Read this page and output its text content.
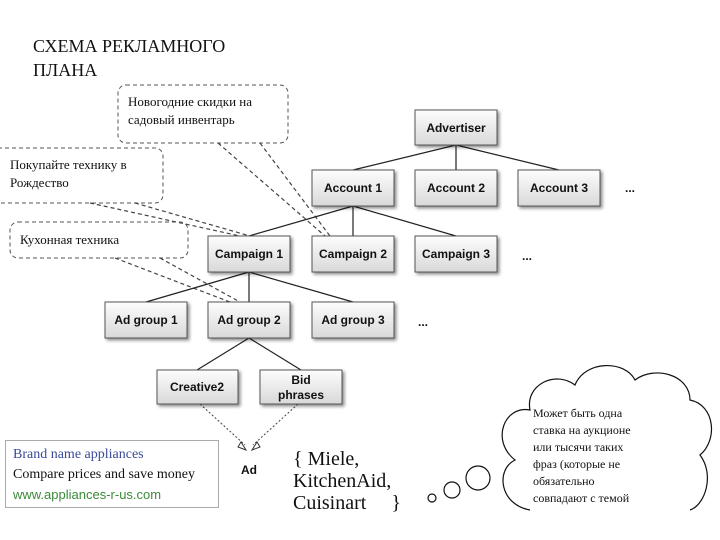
СХЕМА РЕКЛАМНОГО
ПЛАНА
Advertiser
Account 1	Account 2	Account 3	...
Campaign 1	Campaign 2	Campaign 3	...
Ad group 1	Ad group 2	Ad group 3	...
Creative2	Bid
phrases
Ad
Новогодние скидки на
садовый инвентарь
Покупайте технику в
Рождество
Кухонная техника
Brand name appliances
Compare prices and save money
www.appliances-r-us.com
{ Miele,
KitchenAid,
Cuisinart     }
Может быть одна
ставка на аукционе
или тысячи таких
фраз (которые не
обязательно
совпадают с темой
